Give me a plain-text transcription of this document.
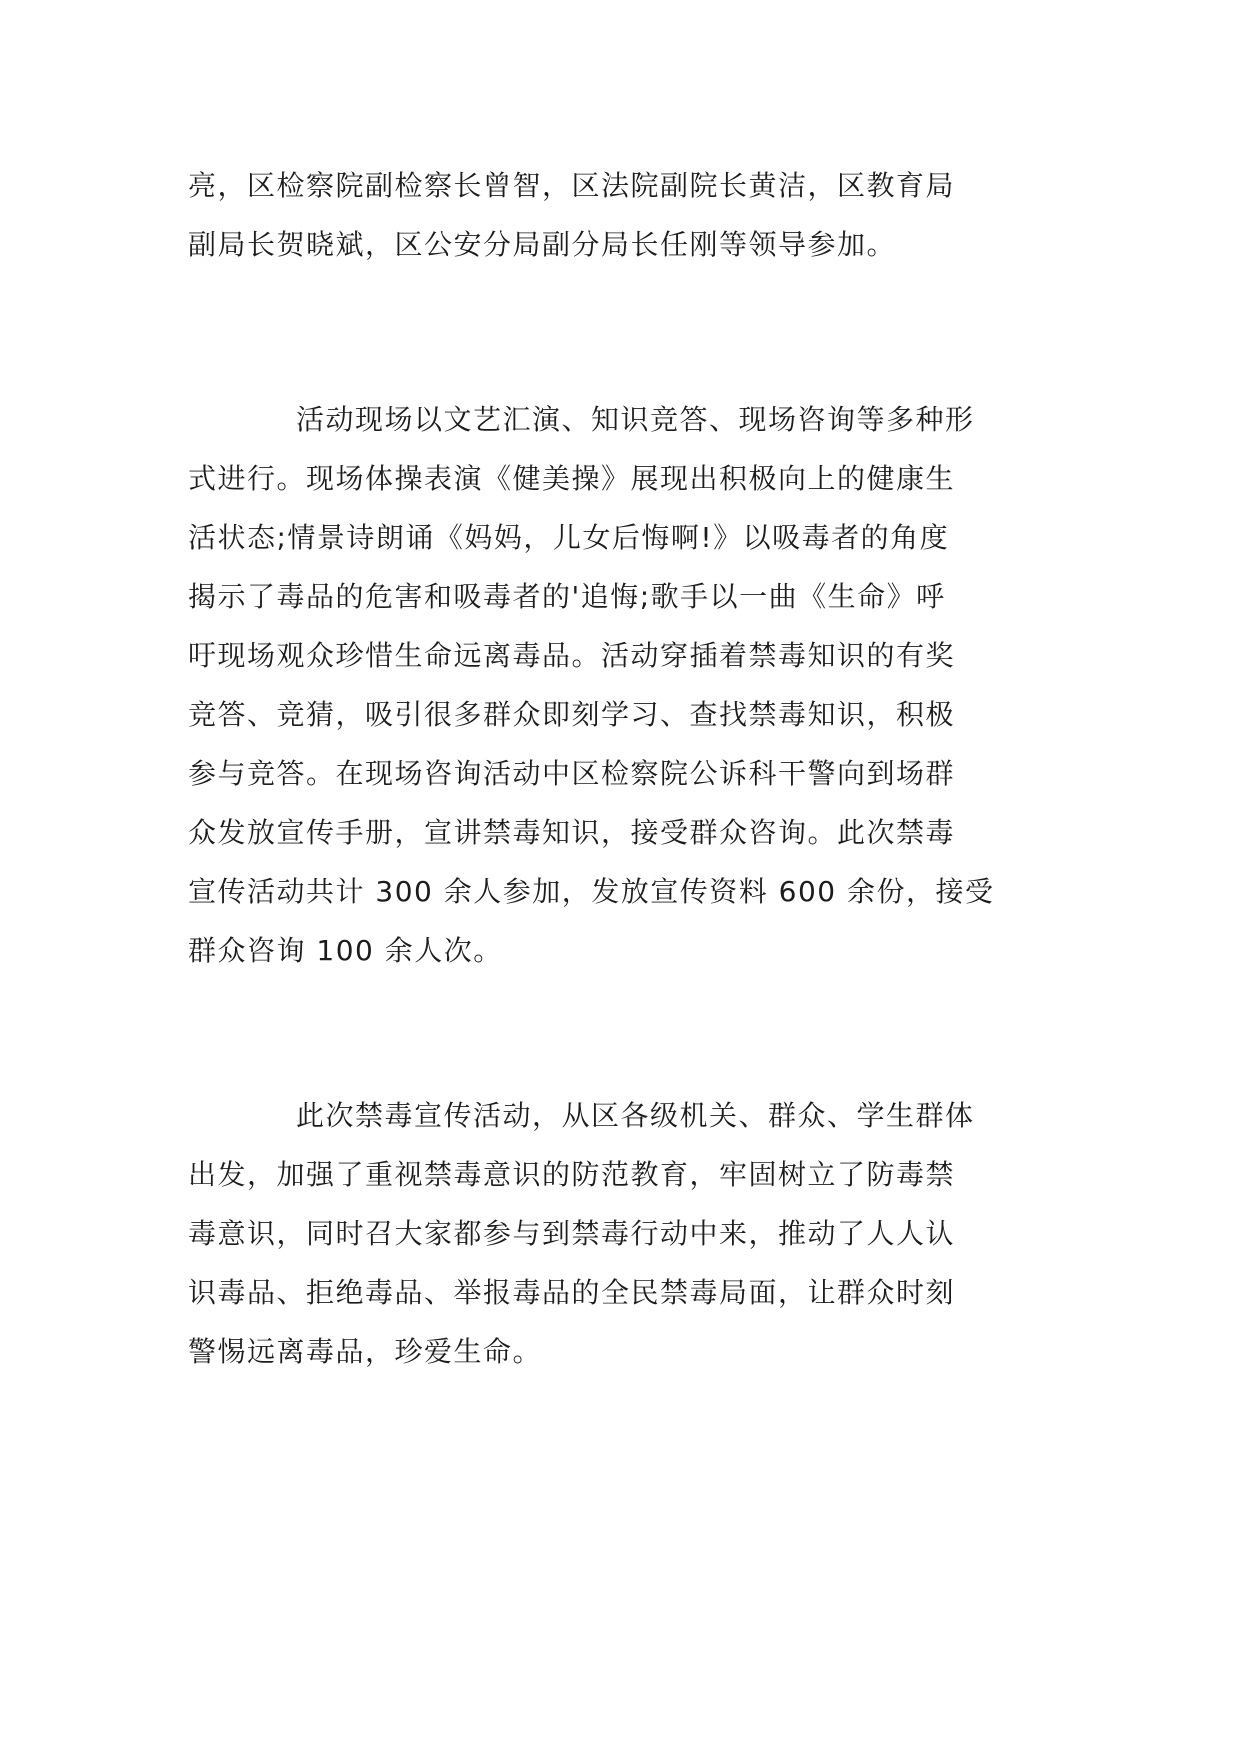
亮，区检察院副检察长曾智，区法院副院长黄洁，区教育局
副局长贺晓斌，区公安分局副分局长任刚等领导参加。

活动现场以文艺汇演、知识竞答、现场咨询等多种形
式进行。现场体操表演《健美操》展现出积极向上的健康生
活状态;情景诗朗诵《妈妈，儿女后悔啊!》以吸毒者的角度
揭示了毒品的危害和吸毒者的'追悔;歌手以一曲《生命》呼
吁现场观众珍惜生命远离毒品。活动穿插着禁毒知识的有奖
竞答、竞猜，吸引很多群众即刻学习、查找禁毒知识，积极
参与竞答。在现场咨询活动中区检察院公诉科干警向到场群
众发放宣传手册，宣讲禁毒知识，接受群众咨询。此次禁毒
宣传活动共计 300 余人参加，发放宣传资料 600 余份，接受
群众咨询 100 余人次。

此次禁毒宣传活动，从区各级机关、群众、学生群体
出发，加强了重视禁毒意识的防范教育，牢固树立了防毒禁
毒意识，同时召大家都参与到禁毒行动中来，推动了人人认
识毒品、拒绝毒品、举报毒品的全民禁毒局面，让群众时刻
警惕远离毒品，珍爱生命。
